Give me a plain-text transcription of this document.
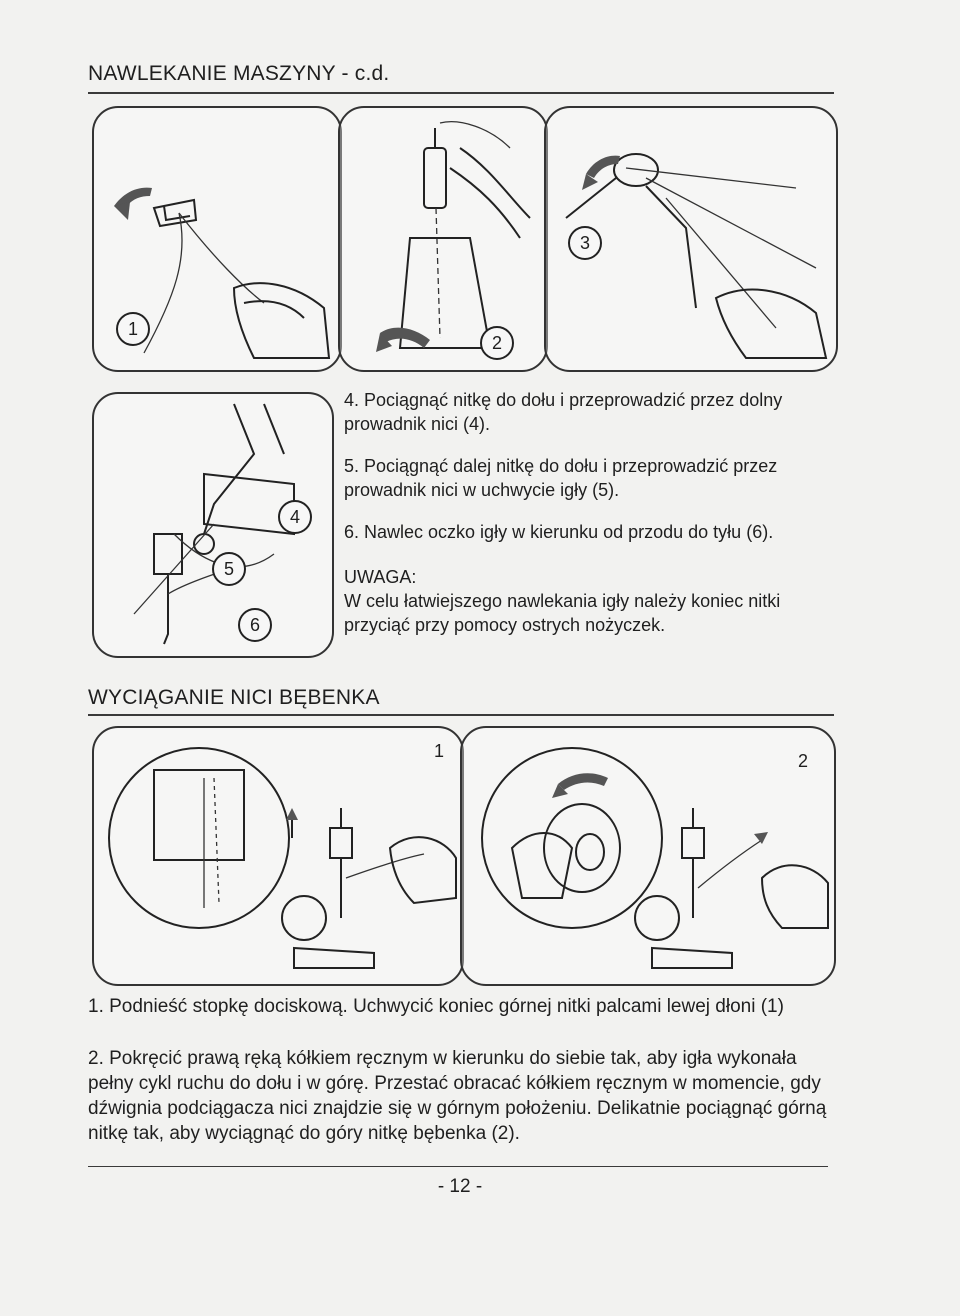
NAWLEKANIE MASZYNY - c.d.
1
2
3
4
5
6
4. Pociągnąć nitkę do dołu i przeprowadzić przez dolny prowadnik nici (4).
5. Pociągnąć dalej nitkę do dołu i przeprowadzić przez prowadnik nici w uchwycie igły (5).
6. Nawlec oczko igły w kierunku od przodu do tyłu (6).
UWAGA:
W celu łatwiejszego nawlekania igły należy koniec nitki przyciąć przy pomocy ostrych nożyczek.
WYCIĄGANIE NICI BĘBENKA
1	2
1. Podnieść stopkę dociskową. Uchwycić koniec górnej nitki palcami lewej dłoni (1)
2. Pokręcić prawą ręką kółkiem ręcznym w kierunku do siebie tak, aby igła wykonała pełny cykl ruchu do dołu i w górę. Przestać obracać kółkiem ręcznym w momencie, gdy dźwignia podciągacza nici znajdzie się w górnym położeniu. Delikatnie pociągnąć górną nitkę tak, aby wyciągnąć do góry nitkę bębenka (2).
- 12 -
